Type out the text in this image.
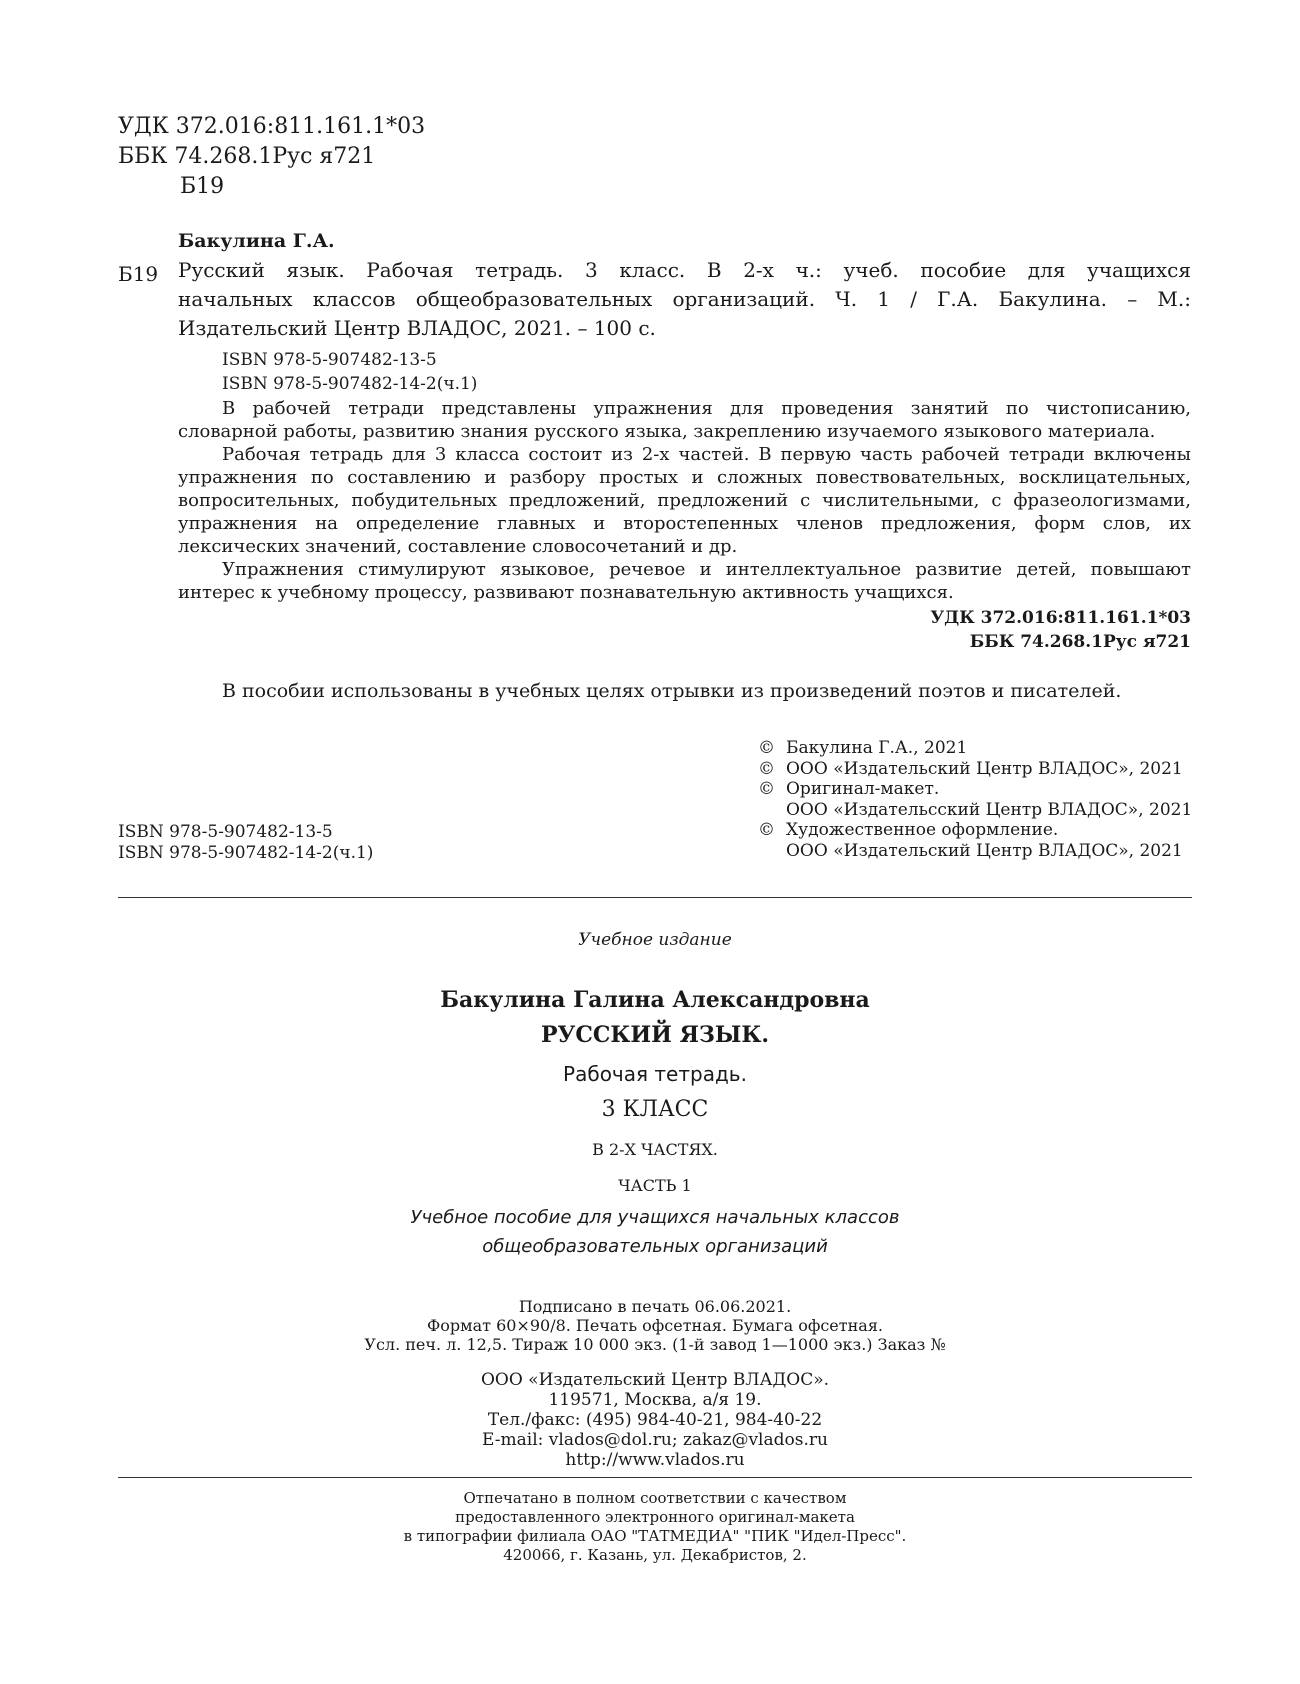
УДК 372.016:811.161.1*03
ББК 74.268.1Рус я721
Б19
Бакулина Г.А.
Б19 Русский язык. Рабочая тетрадь. 3 класс. В 2-х ч.: учеб. пособие для учащихся
начальных классов общеобразовательных организаций. Ч. 1 / Г.А. Бакулина. – М.:
Издательский Центр ВЛАДОС, 2021. – 100 с.
ISBN 978-5-907482-13-5
ISBN 978-5-907482-14-2(ч.1)
В рабочей тетради представлены упражнения для проведения занятий по чистописанию, словарной работы, развитию знания русского языка, закреплению изучаемого языкового материала.
Рабочая тетрадь для 3 класса состоит из 2-х частей. В первую часть рабочей тетради включены упражнения по составлению и разбору простых и сложных повествовательных, восклицательных, вопросительных, побудительных предложений, предложений с числительными, с фразеологизмами, упражнения на определение главных и второстепенных членов предложения, форм слов, их лексических значений, составление словосочетаний и др.
Упражнения стимулируют языковое, речевое и интеллектуальное развитие детей, повышают интерес к учебному процессу, развивают познавательную активность учащихся.
УДК 372.016:811.161.1*03
ББК 74.268.1Рус я721
В пособии использованы в учебных целях отрывки из произведений поэтов и писателей.
© Бакулина Г.А., 2021
© ООО «Издательский Центр ВЛАДОС», 2021
© Оригинал-макет.
ООО «Издательсский Центр ВЛАДОС», 2021
© Художественное оформление.
ООО «Издательский Центр ВЛАДОС», 2021
ISBN 978-5-907482-13-5
ISBN 978-5-907482-14-2(ч.1)
Учебное издание
Бакулина Галина Александровна
РУССКИЙ ЯЗЫК.
Рабочая тетрадь.
3 КЛАСС
В 2-Х ЧАСТЯХ.
ЧАСТЬ 1
Учебное пособие для учащихся начальных классов
общеобразовательных организаций
Подписано в печать 06.06.2021.
Формат 60×90/8. Печать офсетная. Бумага офсетная.
Усл. печ. л. 12,5. Тираж 10 000 экз. (1-й завод 1—1000 экз.) Заказ №
ООО «Издательский Центр ВЛАДОС».
119571, Москва, а/я 19.
Тел./факс: (495) 984-40-21, 984-40-22
E-mail: vlados@dol.ru; zakaz@vlados.ru
http://www.vlados.ru
Отпечатано в полном соответствии с качеством
предоставленного электронного оригинал-макета
в типографии филиала ОАО "ТАТМЕДИА" "ПИК "Идел-Пресс".
420066, г. Казань, ул. Декабристов, 2.
